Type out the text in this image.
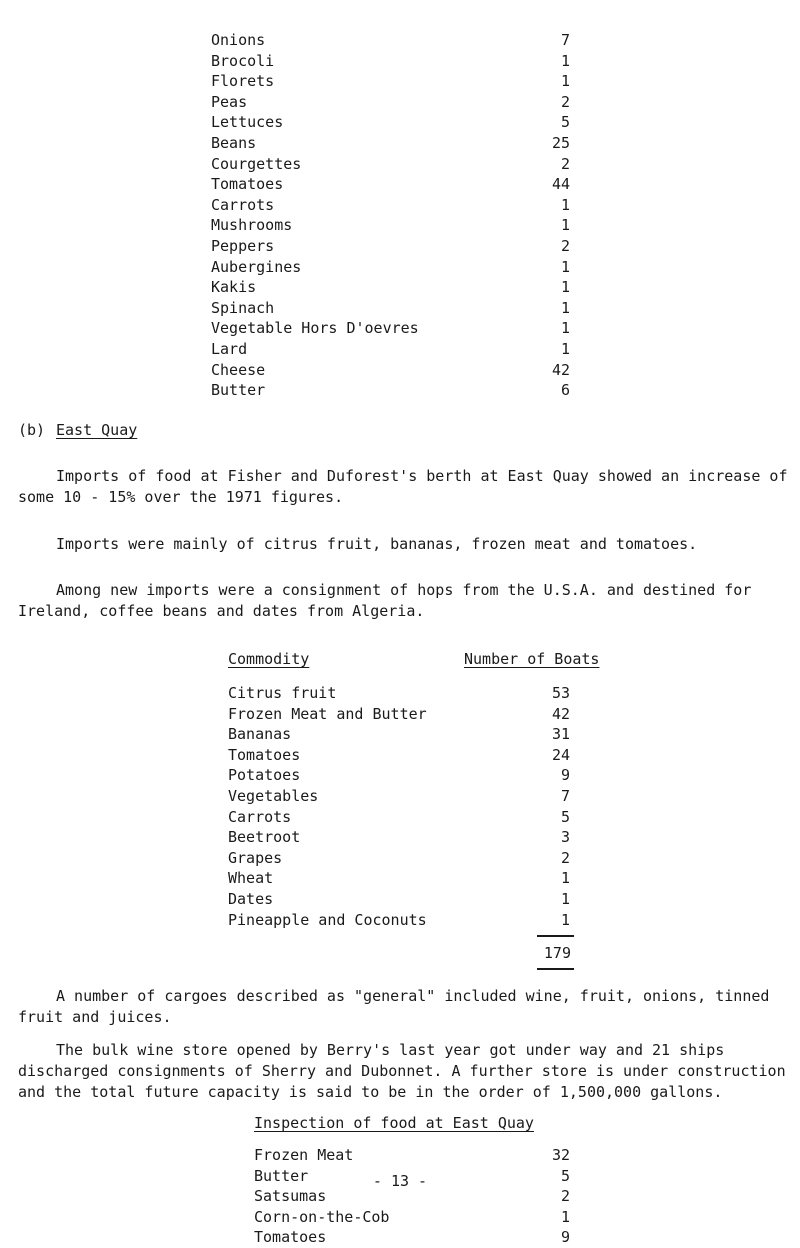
Onions	7
Brocoli	1
Florets	1
Peas	2
Lettuces	5
Beans	25
Courgettes	2
Tomatoes	44
Carrots	1
Mushrooms	1
Peppers	2
Aubergines	1
Kakis	1
Spinach	1
Vegetable Hors D'oevres	1
Lard	1
Cheese	42
Butter	6
(b) East Quay
Imports of food at Fisher and Duforest's berth at East Quay showed an increase of some 10 - 15% over the 1971 figures.
Imports were mainly of citrus fruit, bananas, frozen meat and tomatoes.
Among new imports were a consignment of hops from the U.S.A. and destined for Ireland, coffee beans and dates from Algeria.
Commodity	Number of Boats
Citrus fruit	53
Frozen Meat and Butter	42
Bananas	31
Tomatoes	24
Potatoes	9
Vegetables	7
Carrots	5
Beetroot	3
Grapes	2
Wheat	1
Dates	1
Pineapple and Coconuts	1
179
A number of cargoes described as "general" included wine, fruit, onions, tinned fruit and juices.
The bulk wine store opened by Berry's last year got under way and 21 ships discharged consignments of Sherry and Dubonnet. A further store is under construction and the total future capacity is said to be in the order of 1,500,000 gallons.
Inspection of food at East Quay
Frozen Meat	32
Butter	5
Satsumas	2
Corn-on-the-Cob	1
Tomatoes	9
- 13 -
